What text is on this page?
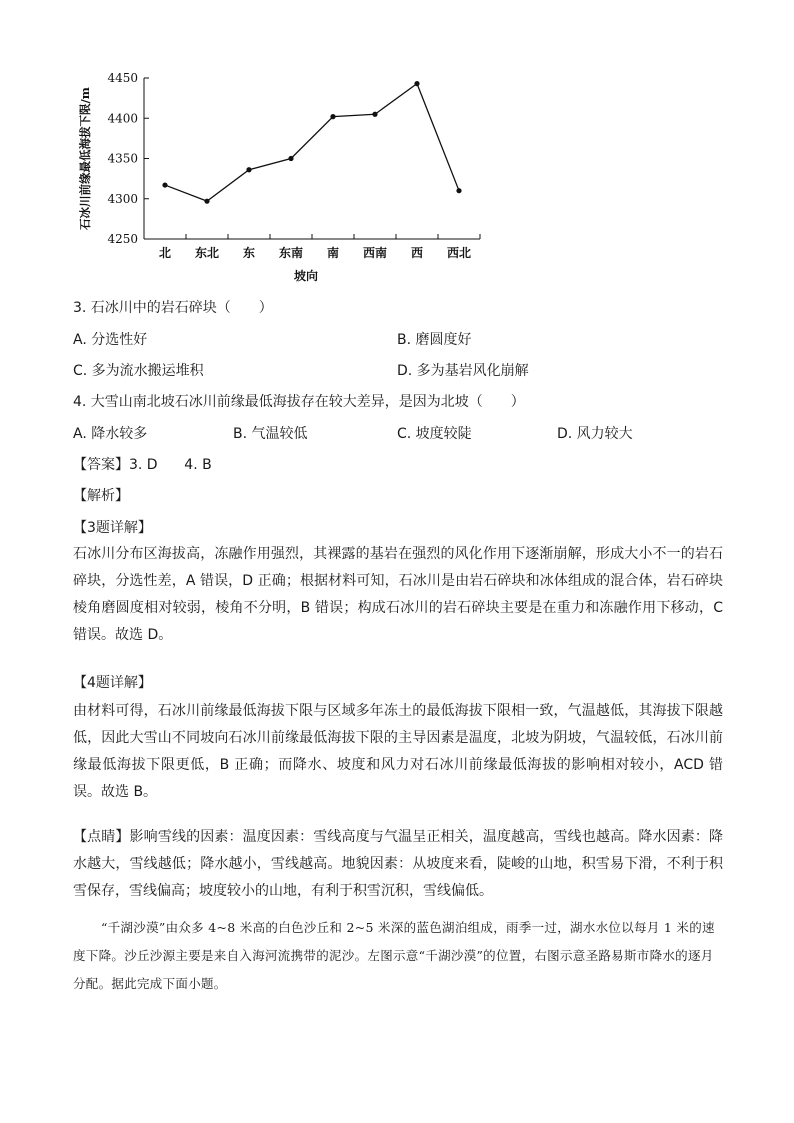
石冰川前缘最低海拔下限/m
4250
4300
4350
4400
4450
北 东北 东 东南 南 西南 西 西北
坡向
3. 石冰川中的岩石碎块（　　）
A. 分选性好	B. 磨圆度好
C. 多为流水搬运堆积	D. 多为基岩风化崩解
4. 大雪山南北坡石冰川前缘最低海拔存在较大差异，是因为北坡（　　）
A. 降水较多	B. 气温较低	C. 坡度较陡	D. 风力较大
【答案】3. D      4. B
【解析】
【3题详解】
石冰川分布区海拔高，冻融作用强烈，其裸露的基岩在强烈的风化作用下逐渐崩解，形成大小不一的岩石碎块，分选性差，A 错误，D 正确；根据材料可知，石冰川是由岩石碎块和冰体组成的混合体，岩石碎块棱角磨圆度相对较弱，棱角不分明，B 错误；构成石冰川的岩石碎块主要是在重力和冻融作用下移动，C 错误。故选 D。
【4题详解】
由材料可得，石冰川前缘最低海拔下限与区域多年冻土的最低海拔下限相一致，气温越低，其海拔下限越低，因此大雪山不同坡向石冰川前缘最低海拔下限的主导因素是温度，北坡为阴坡，气温较低，石冰川前缘最低海拔下限更低，B 正确；而降水、坡度和风力对石冰川前缘最低海拔的影响相对较小，ACD 错误。故选 B。
【点睛】影响雪线的因素：温度因素：雪线高度与气温呈正相关，温度越高，雪线也越高。降水因素：降水越大，雪线越低；降水越小，雪线越高。地貌因素：从坡度来看，陡峻的山地，积雪易下滑，不利于积雪保存，雪线偏高；坡度较小的山地，有利于积雪沉积，雪线偏低。
“千湖沙漠”由众多 4~8 米高的白色沙丘和 2~5 米深的蓝色湖泊组成，雨季一过，湖水水位以每月 1 米的速度下降。沙丘沙源主要是来自入海河流携带的泥沙。左图示意“千湖沙漠”的位置，右图示意圣路易斯市降水的逐月分配。据此完成下面小题。
